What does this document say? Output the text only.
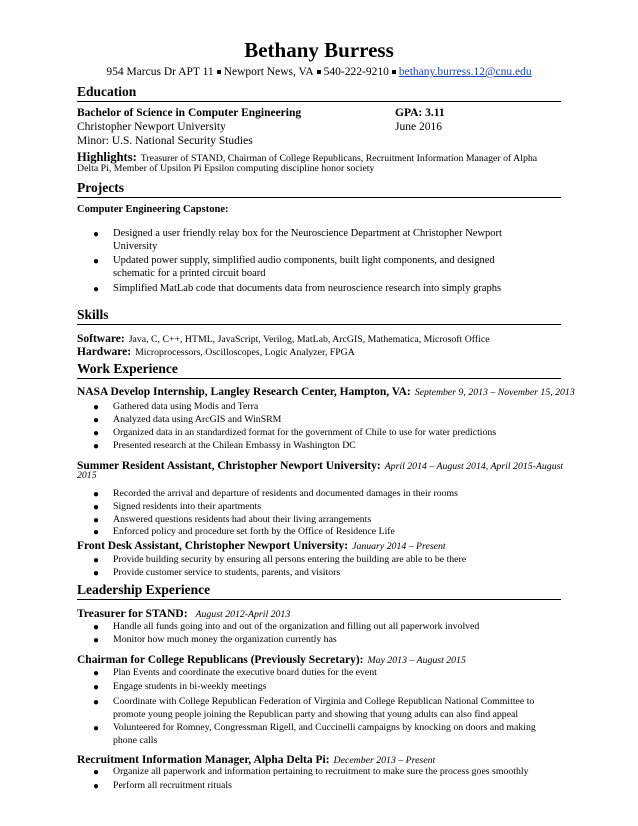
Bethany Burress
954 Marcus Dr APT 11 Newport News, VA 540-222-9210 bethany.burress.12@cnu.edu
Education
Bachelor of Science in Computer Engineering	GPA: 3.11
Christopher Newport University	June 2016
Minor: U.S. National Security Studies
Highlights: Treasurer of STAND, Chairman of College Republicans, Recruitment Information Manager of Alpha
Delta Pi, Member of Upsilon Pi Epsilon computing discipline honor society
Projects
Computer Engineering Capstone:
● Designed a user friendly relay box for the Neuroscience Department at Christopher Newport
University
● Updated power supply, simplified audio components, built light components, and designed
schematic for a printed circuit board
● Simplified MatLab code that documents data from neuroscience research into simply graphs
Skills
Software: Java, C, C++, HTML, JavaScript, Verilog, MatLab, ArcGIS, Mathematica, Microsoft Office
Hardware: Microprocessors, Oscilloscopes, Logic Analyzer, FPGA
Work Experience
NASA Develop Internship, Langley Research Center, Hampton, VA: September 9, 2013 – November 15, 2013
● Gathered data using Modis and Terra
● Analyzed data using ArcGIS and WinSRM
● Organized data in an standardized format for the government of Chile to use for water predictions
● Presented research at the Chilean Embassy in Washington DC
Summer Resident Assistant, Christopher Newport University: April 2014 – August 2014, April 2015-August
2015
● Recorded the arrival and departure of residents and documented damages in their rooms
● Signed residents into their apartments
● Answered questions residents had about their living arrangements
● Enforced policy and procedure set forth by the Office of Residence Life
Front Desk Assistant, Christopher Newport University: January 2014 – Present
● Provide building security by ensuring all persons entering the building are able to be there
● Provide customer service to students, parents, and visitors
Leadership Experience
Treasurer for STAND: August 2012-April 2013
● Handle all funds going into and out of the organization and filling out all paperwork involved
● Monitor how much money the organization currently has
Chairman for College Republicans (Previously Secretary): May 2013 – August 2015
● Plan Events and coordinate the executive board duties for the event
● Engage students in bi-weekly meetings
● Coordinate with College Republican Federation of Virginia and College Republican National Committee to
promote young people joining the Republican party and showing that young adults can also find appeal
● Volunteered for Romney, Congressman Rigell, and Cuccinelli campaigns by knocking on doors and making
phone calls
Recruitment Information Manager, Alpha Delta Pi: December 2013 – Present
● Organize all paperwork and information pertaining to recruitment to make sure the process goes smoothly
● Perform all recruitment rituals
